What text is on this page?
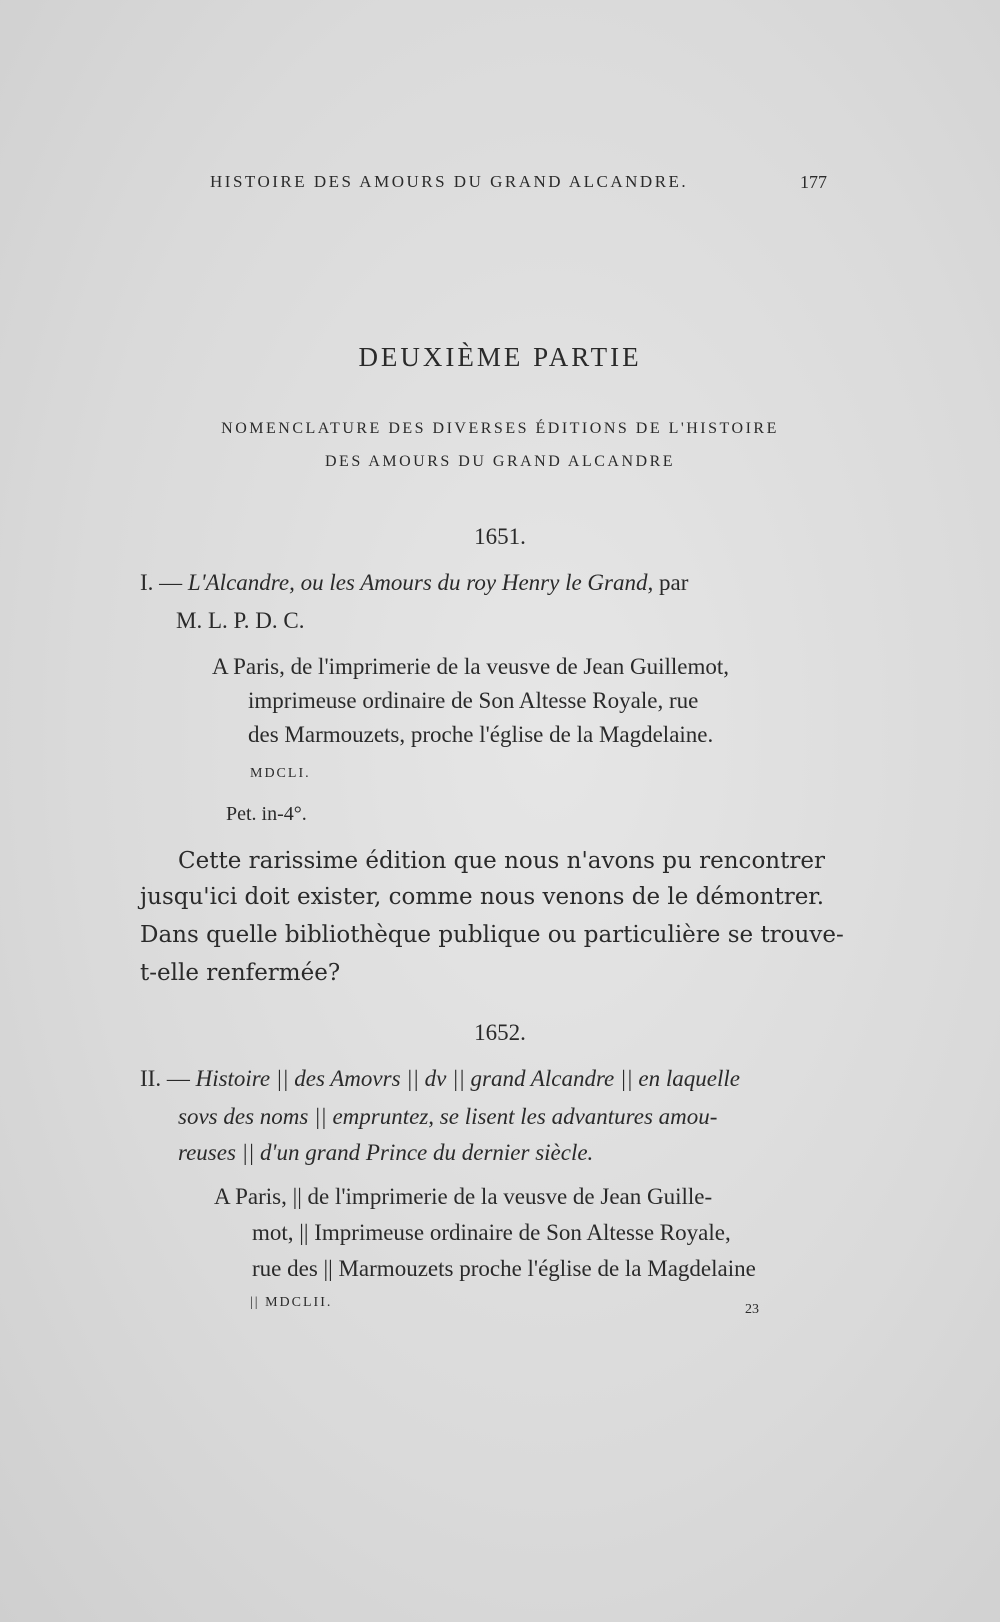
HISTOIRE DES AMOURS DU GRAND ALCANDRE.	177
DEUXIÈME PARTIE
NOMENCLATURE DES DIVERSES ÉDITIONS DE L'HISTOIRE
DES AMOURS DU GRAND ALCANDRE
1651.
I. — L'Alcandre, ou les Amours du roy Henry le Grand, par
M. L. P. D. C.
A Paris, de l'imprimerie de la veusve de Jean Guillemot,
imprimeuse ordinaire de Son Altesse Royale, rue
des Marmouzets, proche l'église de la Magdelaine.
MDCLI.
Pet. in-4°.
Cette rarissime édition que nous n'avons pu rencontrer
jusqu'ici doit exister, comme nous venons de le démontrer.
Dans quelle bibliothèque publique ou particulière se trouve-
t-elle renfermée?
1652.
II. — Histoire || des Amovrs || dv || grand Alcandre || en laquelle
sovs des noms || empruntez, se lisent les advantures amou-
reuses || d'un grand Prince du dernier siècle.
A Paris, || de l'imprimerie de la veusve de Jean Guille-
mot, || Imprimeuse ordinaire de Son Altesse Royale,
rue des || Marmouzets proche l'église de la Magdelaine
|| MDCLII.	23
